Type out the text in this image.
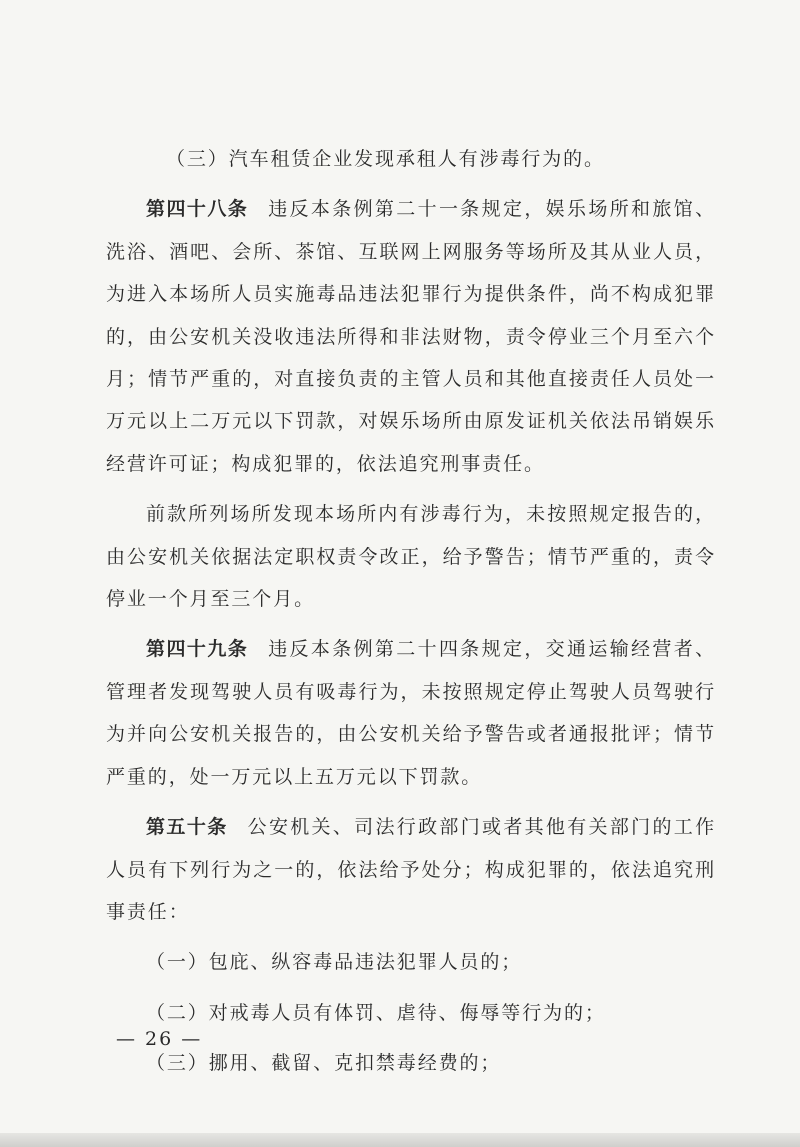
（三）汽车租赁企业发现承租人有涉毒行为的。

第四十八条 违反本条例第二十一条规定，娱乐场所和旅馆、洗浴、酒吧、会所、茶馆、互联网上网服务等场所及其从业人员，为进入本场所人员实施毒品违法犯罪行为提供条件，尚不构成犯罪的，由公安机关没收违法所得和非法财物，责令停业三个月至六个月；情节严重的，对直接负责的主管人员和其他直接责任人员处一万元以上二万元以下罚款，对娱乐场所由原发证机关依法吊销娱乐经营许可证；构成犯罪的，依法追究刑事责任。

前款所列场所发现本场所内有涉毒行为，未按照规定报告的，由公安机关依据法定职权责令改正，给予警告；情节严重的，责令停业一个月至三个月。

第四十九条 违反本条例第二十四条规定，交通运输经营者、管理者发现驾驶人员有吸毒行为，未按照规定停止驾驶人员驾驶行为并向公安机关报告的，由公安机关给予警告或者通报批评；情节严重的，处一万元以上五万元以下罚款。

第五十条 公安机关、司法行政部门或者其他有关部门的工作人员有下列行为之一的，依法给予处分；构成犯罪的，依法追究刑事责任：

（一）包庇、纵容毒品违法犯罪人员的；

（二）对戒毒人员有体罚、虐待、侮辱等行为的；

（三）挪用、截留、克扣禁毒经费的；

— 26 —
